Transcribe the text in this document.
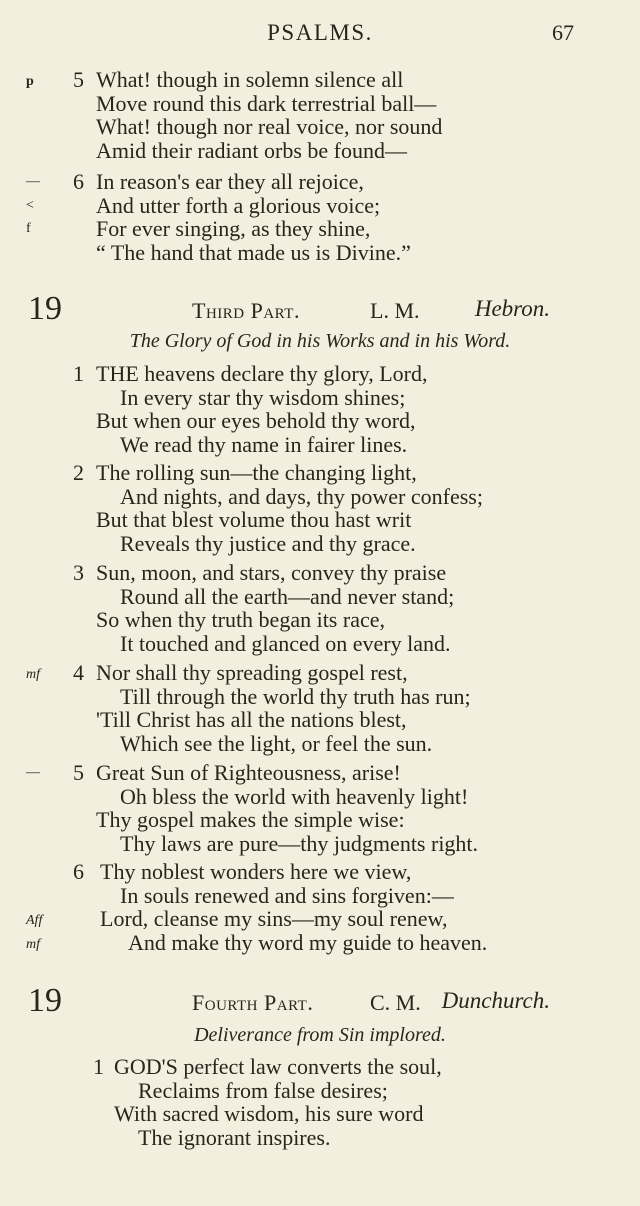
PSALMS.	67
p	5 What! though in solemn silence all
Move round this dark terrestrial ball—
What! though nor real voice, nor sound
Amid their radiant orbs be found—
—	6 In reason's ear they all rejoice,
<	And utter forth a glorious voice;
f	For ever singing, as they shine,
“ The hand that made us is Divine.”
19	Third Part.	L. M. Hebron.
The Glory of God in his Works and in his Word.
1 THE heavens declare thy glory, Lord,
In every star thy wisdom shines;
But when our eyes behold thy word,
We read thy name in fairer lines.
2 The rolling sun—the changing light,
And nights, and days, thy power confess;
But that blest volume thou hast writ
Reveals thy justice and thy grace.
3 Sun, moon, and stars, convey thy praise
Round all the earth—and never stand;
So when thy truth began its race,
It touched and glanced on every land.
mf	4 Nor shall thy spreading gospel rest,
Till through the world thy truth has run;
'Till Christ has all the nations blest,
Which see the light, or feel the sun.
—	5 Great Sun of Righteousness, arise!
Oh bless the world with heavenly light!
Thy gospel makes the simple wise:
Thy laws are pure—thy judgments right.
6 Thy noblest wonders here we view,
In souls renewed and sins forgiven:—
Aff	Lord, cleanse my sins—my soul renew,
mf	And make thy word my guide to heaven.
19	Fourth Part.	C. M. Dunchurch.
Deliverance from Sin implored.
1 GOD'S perfect law converts the soul,
Reclaims from false desires;
With sacred wisdom, his sure word
The ignorant inspires.
